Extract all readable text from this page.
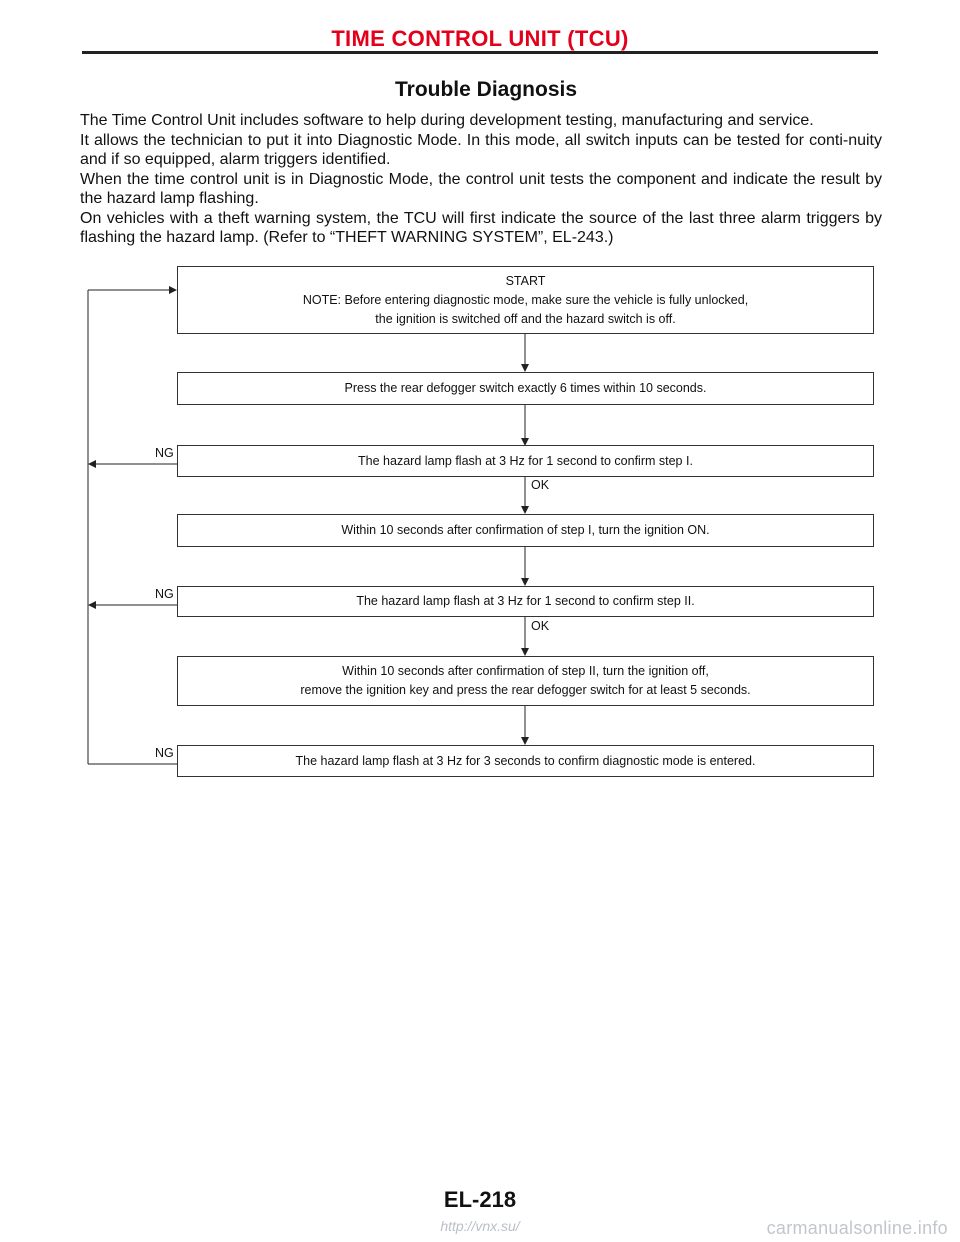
TIME CONTROL UNIT (TCU)
Trouble Diagnosis

The Time Control Unit includes software to help during development testing, manufacturing and service.

It allows the technician to put it into Diagnostic Mode. In this mode, all switch inputs can be tested for conti-nuity and if so equipped, alarm triggers identified.

When the time control unit is in Diagnostic Mode, the control unit tests the component and indicate the result by the hazard lamp flashing.

On vehicles with a theft warning system, the TCU will first indicate the source of the last three alarm triggers by flashing the hazard lamp. (Refer to “THEFT WARNING SYSTEM”, EL-243.)

START
NOTE: Before entering diagnostic mode, make sure the vehicle is fully unlocked,
the ignition is switched off and the hazard switch is off.
Press the rear defogger switch exactly 6 times within 10 seconds.
The hazard lamp flash at 3 Hz for 1 second to confirm step I.
Within 10 seconds after confirmation of step I, turn the ignition ON.
The hazard lamp flash at 3 Hz for 1 second to confirm step II.
Within 10 seconds after confirmation of step II, turn the ignition off,
remove the ignition key and press the rear defogger switch for at least 5 seconds.
The hazard lamp flash at 3 Hz for 3 seconds to confirm diagnostic mode is entered.
OK
OK
NG
NG
NG
EL-218
http://vnx.su/	carmanualsonline.info
